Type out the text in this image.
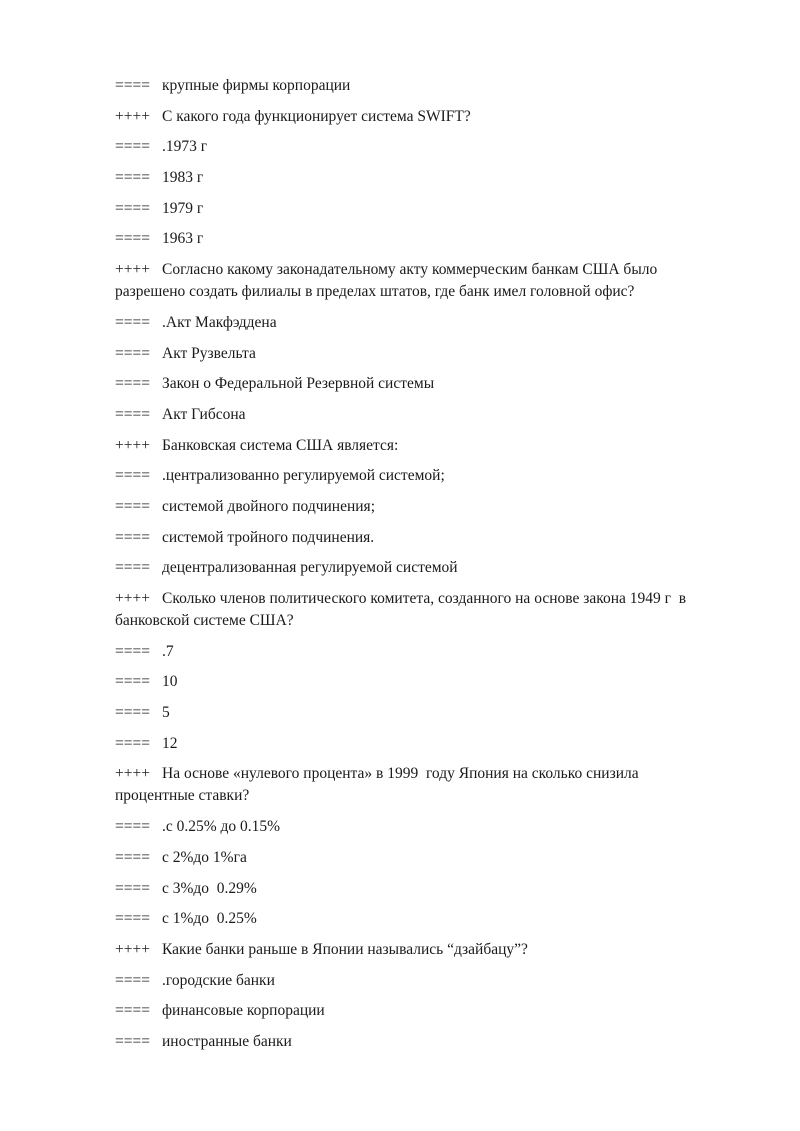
==== крупные фирмы корпорации
++++ С какого года функционирует система SWIFT?
==== .1973 г
==== 1983 г
==== 1979 г
==== 1963 г
++++ Согласно какому законадательному акту коммерческим банкам США было разрешено создать филиалы в пределах штатов, где банк имел головной офис?
==== .Акт Макфэддена
==== Акт Рузвельта
==== Закон о Федеральной Резервной системы
==== Акт Гибсона
++++ Банковская система США является:
==== .централизованно регулируемой системой;
==== системой двойного подчинения;
==== системой тройного подчинения.
==== децентрализованная регулируемой системой
++++ Сколько членов политического комитета, созданного на основе закона 1949 г  в банковской системе США?
==== .7
==== 10
==== 5
==== 12
++++ На основе «нулевого процента» в 1999  году Япония на сколько снизила процентные ставки?
==== .с 0.25% до 0.15%
==== с 2%до 1%га
==== с 3%до  0.29%
==== с 1%до  0.25%
++++ Какие банки раньше в Японии назывались “дзайбацу”?
==== .городские банки
==== финансовые корпорации
==== иностранные банки
